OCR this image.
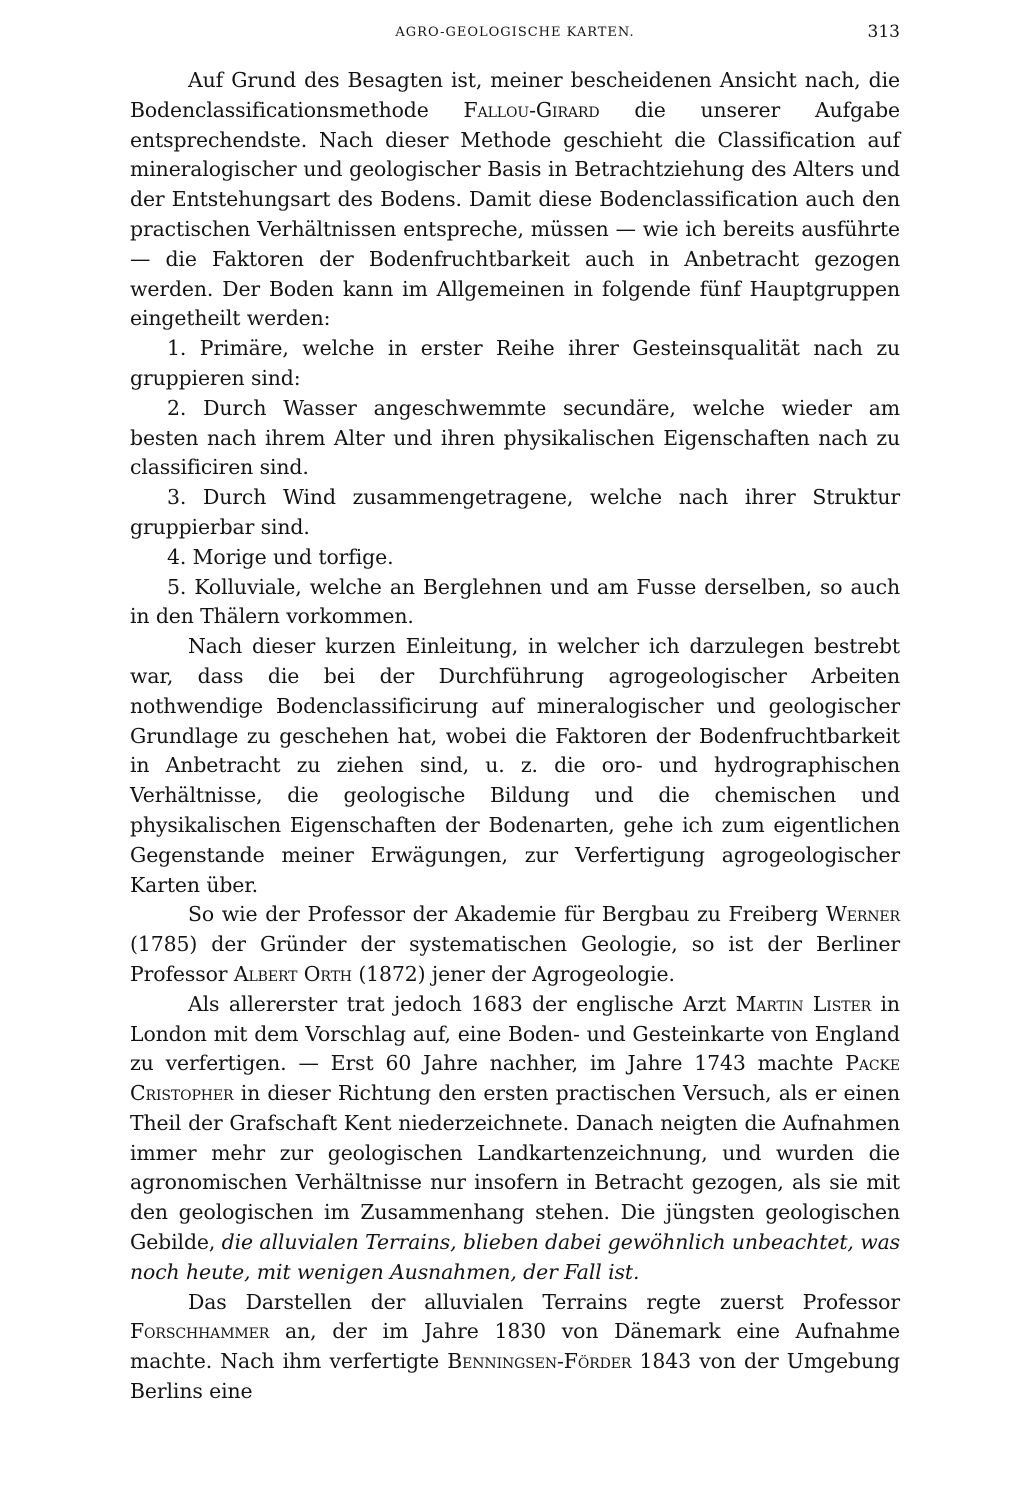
AGRO-GEOLOGISCHE KARTEN.	313

Auf Grund des Besagten ist, meiner bescheidenen Ansicht nach, die Bodenclassificationsmethode Fallou-Girard die unserer Aufgabe entsprechendste. Nach dieser Methode geschieht die Classification auf mineralogischer und geologischer Basis in Betrachtziehung des Alters und der Entstehungsart des Bodens. Damit diese Bodenclassification auch den practischen Verhältnissen entspreche, müssen — wie ich bereits ausführte — die Faktoren der Bodenfruchtbarkeit auch in Anbetracht gezogen werden. Der Boden kann im Allgemeinen in folgende fünf Hauptgruppen eingetheilt werden:

1. Primäre, welche in erster Reihe ihrer Gesteinsqualität nach zu gruppieren sind:

2. Durch Wasser angeschwemmte secundäre, welche wieder am besten nach ihrem Alter und ihren physikalischen Eigenschaften nach zu classificiren sind.

3. Durch Wind zusammengetragene, welche nach ihrer Struktur gruppierbar sind.

4. Morige und torfige.

5. Kolluviale, welche an Berglehnen und am Fusse derselben, so auch in den Thälern vorkommen.

Nach dieser kurzen Einleitung, in welcher ich darzulegen bestrebt war, dass die bei der Durchführung agrogeologischer Arbeiten nothwendige Bodenclassificirung auf mineralogischer und geologischer Grundlage zu geschehen hat, wobei die Faktoren der Bodenfruchtbarkeit in Anbetracht zu ziehen sind, u. z. die oro- und hydrographischen Verhältnisse, die geologische Bildung und die chemischen und physikalischen Eigenschaften der Bodenarten, gehe ich zum eigentlichen Gegenstande meiner Erwägungen, zur Verfertigung agrogeologischer Karten über.

So wie der Professor der Akademie für Bergbau zu Freiberg Werner (1785) der Gründer der systematischen Geologie, so ist der Berliner Professor Albert Orth (1872) jener der Agrogeologie.

Als allererster trat jedoch 1683 der englische Arzt Martin Lister in London mit dem Vorschlag auf, eine Boden- und Gesteinkarte von England zu verfertigen. — Erst 60 Jahre nachher, im Jahre 1743 machte Packe Cristopher in dieser Richtung den ersten practischen Versuch, als er einen Theil der Grafschaft Kent niederzeichnete. Danach neigten die Aufnahmen immer mehr zur geologischen Landkartenzeichnung, und wurden die agronomischen Verhältnisse nur insofern in Betracht gezogen, als sie mit den geologischen im Zusammenhang stehen. Die jüngsten geologischen Gebilde, die alluvialen Terrains, blieben dabei gewöhnlich unbeachtet, was noch heute, mit wenigen Ausnahmen, der Fall ist.

Das Darstellen der alluvialen Terrains regte zuerst Professor Forschhammer an, der im Jahre 1830 von Dänemark eine Aufnahme machte. Nach ihm verfertigte Benningsen-Förder 1843 von der Umgebung Berlins eine
